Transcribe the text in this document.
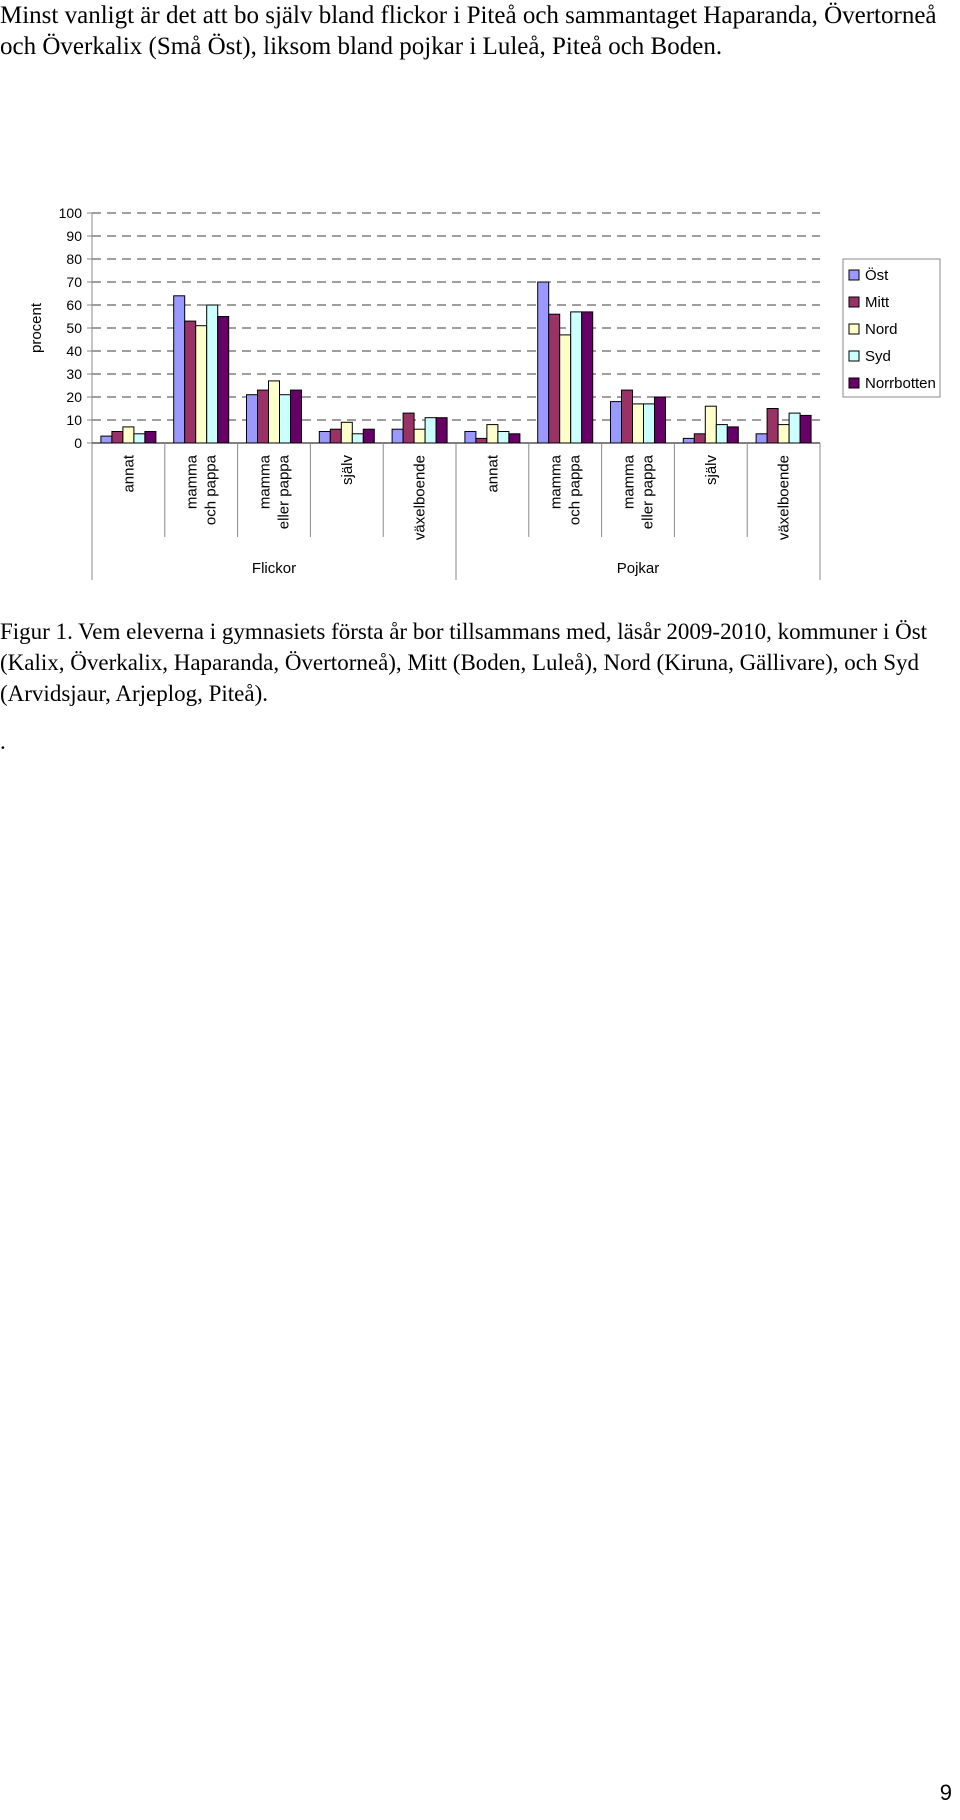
Minst vanligt är det att bo själv bland flickor i Piteå och sammantaget Haparanda, Övertorneå och Överkalix (Små Öst), liksom bland pojkar i Luleå, Piteå och Boden.

0
10
20
30
40
50
60
70
80
90
100
procent
annat	mamma och pappa mamma eller pappa	själv	växelboende	annat	mamma och pappa mamma eller pappa	själv	växelboende
Flickor	Pojkar
Öst
Mitt
Nord
Syd
Norrbotten

Figur 1. Vem eleverna i gymnasiets första år bor tillsammans med, läsår 2009-2010, kommuner i Öst (Kalix, Överkalix, Haparanda, Övertorneå), Mitt (Boden, Luleå), Nord (Kiruna, Gällivare), och Syd (Arvidsjaur, Arjeplog, Piteå).

.

9
